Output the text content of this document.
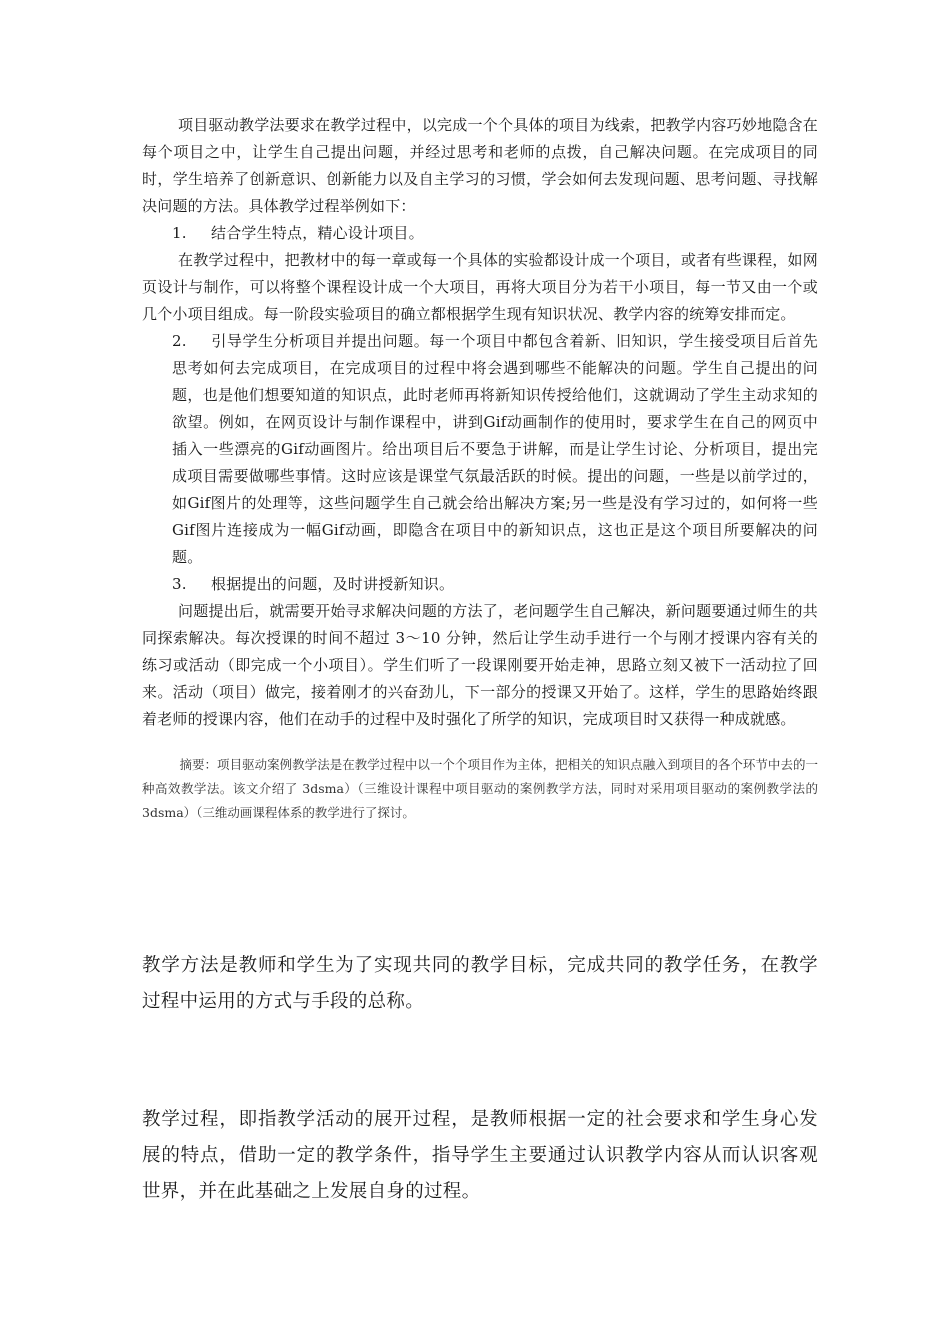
项目驱动教学法要求在教学过程中，以完成一个个具体的项目为线索，把教学内容巧妙地隐含在每个项目之中，让学生自己提出问题，并经过思考和老师的点拨，自己解决问题。在完成项目的同时，学生培养了创新意识、创新能力以及自主学习的习惯，学会如何去发现问题、思考问题、寻找解决问题的方法。具体教学过程举例如下：

1.	结合学生特点，精心设计项目。

在教学过程中，把教材中的每一章或每一个具体的实验都设计成一个项目，或者有些课程，如网页设计与制作，可以将整个课程设计成一个大项目，再将大项目分为若干小项目，每一节又由一个或几个小项目组成。每一阶段实验项目的确立都根据学生现有知识状况、教学内容的统筹安排而定。

2. 引导学生分析项目并提出问题。每一个项目中都包含着新、旧知识，学生接受项目后首先思考如何去完成项目，在完成项目的过程中将会遇到哪些不能解决的问题。学生自己提出的问题，也是他们想要知道的知识点，此时老师再将新知识传授给他们，这就调动了学生主动求知的欲望。例如，在网页设计与制作课程中，讲到Gif动画制作的使用时，要求学生在自己的网页中插入一些漂亮的Gif动画图片。给出项目后不要急于讲解，而是让学生讨论、分析项目，提出完成项目需要做哪些事情。这时应该是课堂气氛最活跃的时候。提出的问题，一些是以前学过的，如Gif图片的处理等，这些问题学生自己就会给出解决方案;另一些是没有学习过的，如何将一些Gif图片连接成为一幅Gif动画，即隐含在项目中的新知识点，这也正是这个项目所要解决的问题。

3.	根据提出的问题，及时讲授新知识。

问题提出后，就需要开始寻求解决问题的方法了，老问题学生自己解决，新问题要通过师生的共同探索解决。每次授课的时间不超过 3～10 分钟，然后让学生动手进行一个与刚才授课内容有关的练习或活动（即完成一个小项目）。学生们听了一段课刚要开始走神，思路立刻又被下一活动拉了回来。活动（项目）做完，接着刚才的兴奋劲儿，下一部分的授课又开始了。这样，学生的思路始终跟着老师的授课内容，他们在动手的过程中及时强化了所学的知识，完成项目时又获得一种成就感。

摘要：项目驱动案例教学法是在教学过程中以一个个项目作为主体，把相关的知识点融入到项目的各个环节中去的一种高效教学法。该文介绍了 3dsma）（三维设计课程中项目驱动的案例教学方法，同时对采用项目驱动的案例教学法的 3dsma）（三维动画课程体系的教学进行了探讨。

教学方法是教师和学生为了实现共同的教学目标，完成共同的教学任务，在教学过程中运用的方式与手段的总称。

教学过程，即指教学活动的展开过程，是教师根据一定的社会要求和学生身心发展的特点，借助一定的教学条件，指导学生主要通过认识教学内容从而认识客观世界，并在此基础之上发展自身的过程。
